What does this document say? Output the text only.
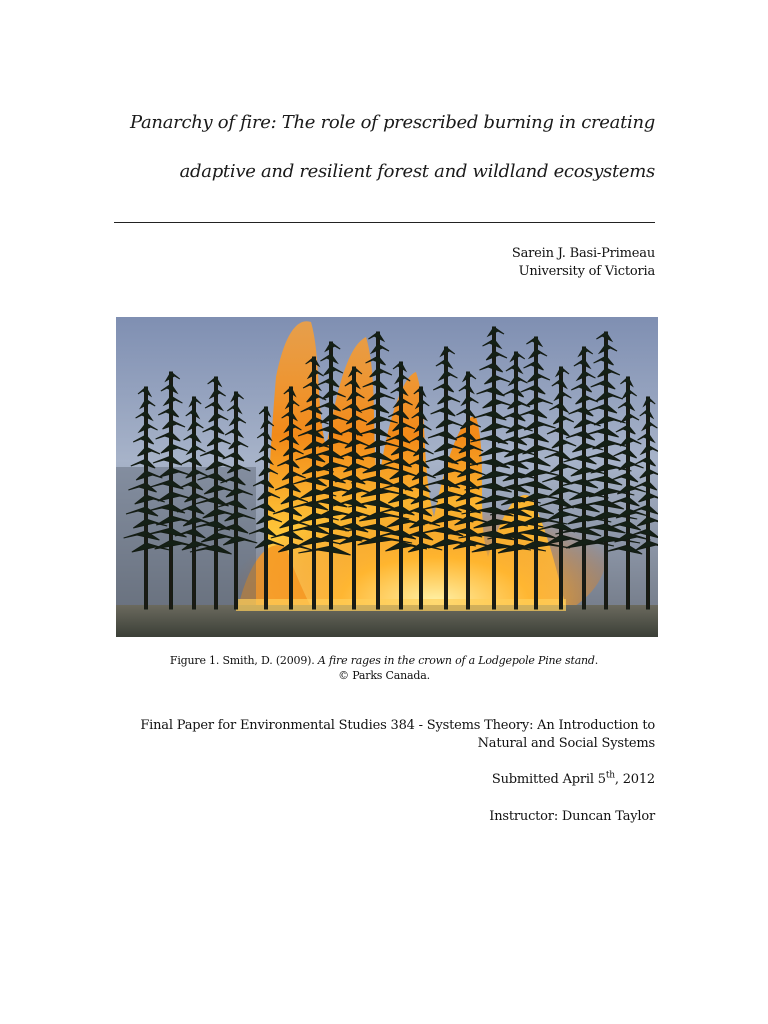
Panarchy of fire: The role of prescribed burning in creating
adaptive and resilient forest and wildland ecosystems

Sarein J. Basi-Primeau

University of Victoria

Figure 1. Smith, D. (2009). A fire rages in the crown of a Lodgepole Pine stand.

© Parks Canada.

Final Paper for Environmental Studies 384 - Systems Theory: An Introduction to

Natural and Social Systems

Submitted April 5th, 2012

Instructor: Duncan Taylor
